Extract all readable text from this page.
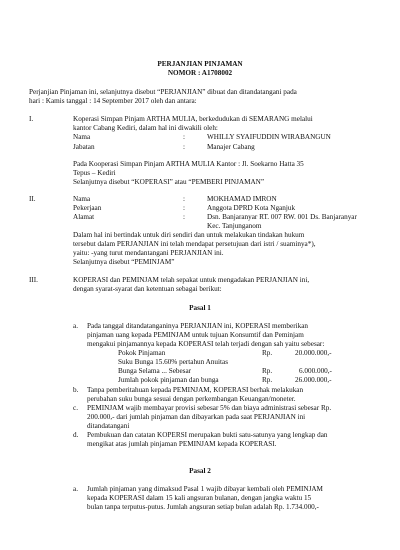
PERJANJIAN PINJAMAN
NOMOR : A1708002
Perjanjian Pinjaman ini, selanjutnya disebut “PERJANJIAN” dibuat dan ditandatangani pada
hari : Kamis tanggal : 14 September 2017 oleh dan antara:
I.	Koperasi Simpan Pinjam ARTHA MULIA, berkedudukan di SEMARANG melalui
kantor Cabang Kediri, dalam hal ini diwakili oleh:
Nama	:	WHILLY SYAIFUDDIN WIRABANGUN
Jabatan	:	Manajer Cabang
Pada Kooperasi Simpan Pinjam ARTHA MULIA Kantor : Jl. Soekarno Hatta 35
Tepus – Kediri
Selanjutnya disebut “KOPERASI” atau “PEMBERI PINJAMAN”
II.	Nama	:	MOKHAMAD IMRON
Pekerjaan	:	Anggota DPRD Kota Nganjuk
Alamat	:	Dsn. Banjaranyar RT. 007 RW. 001 Ds. Banjaranyar
Kec. Tanjunganom
Dalam hal ini bertindak untuk diri sendiri dan untuk melakukan tindakan hukum
tersebut dalam PERJANJIAN ini telah mendapat persetujuan dari istri / suaminya*),
yaitu: -yang turut mendantangani PERJANJIAN ini.
Selanjutnya disebut “PEMINJAM”
III.	KOPERASI dan PEMINJAM telah sepakat untuk mengadakan PERJANJIAN ini,
dengan syarat-syarat dan ketentuan sebagai berikut:
Pasal 1
a. Pada tanggal ditandatanganinya PERJANJIAN ini, KOPERASI memberikan
pinjaman uang kepada PEMINJAM untuk tujuan Konsumtif dan Peminjam
mengakui pinjamannya kepada KOPERASI telah terjadi dengan sah yaitu sebesar:
Pokok Pinjaman	Rp.	20.000.000,-
Suku Bunga 15.60% pertahun Anuitas
Bunga Selama ... Sebesar	Rp.	6.000.000,-
Jumlah pokok pinjaman dan bunga	Rp.	26.000.000,-
b. Tanpa pemberitahuan kepada PEMINJAM, KOPERASI berhak melakukan
perubahan suku bunga sesuai dengan perkembangan Keuangan/moneter.
c. PEMINJAM wajib membayar provisi sebesar 5% dan biaya administrasi sebesar Rp.
200.000,- dari jumlah pinjaman dan dibayarkan pada saat PERJANJIAN ini
ditandatangani
d. Pembukuan dan catatan KOPERSI merupakan bukti satu-satunya yang lengkap dan
mengikat atas jumlah pinjaman PEMINJAM kepada KOPERASI.
Pasal 2
a. Jumlah pinjaman yang dimaksud Pasal 1 wajib dibayar kembali oleh PEMINJAM
kepada KOPERASI dalam 15 kali angsuran bulanan, dengan jangka waktu 15
bulan tanpa terputus-putus. Jumlah angsuran setiap bulan adalah Rp. 1.734.000,-
